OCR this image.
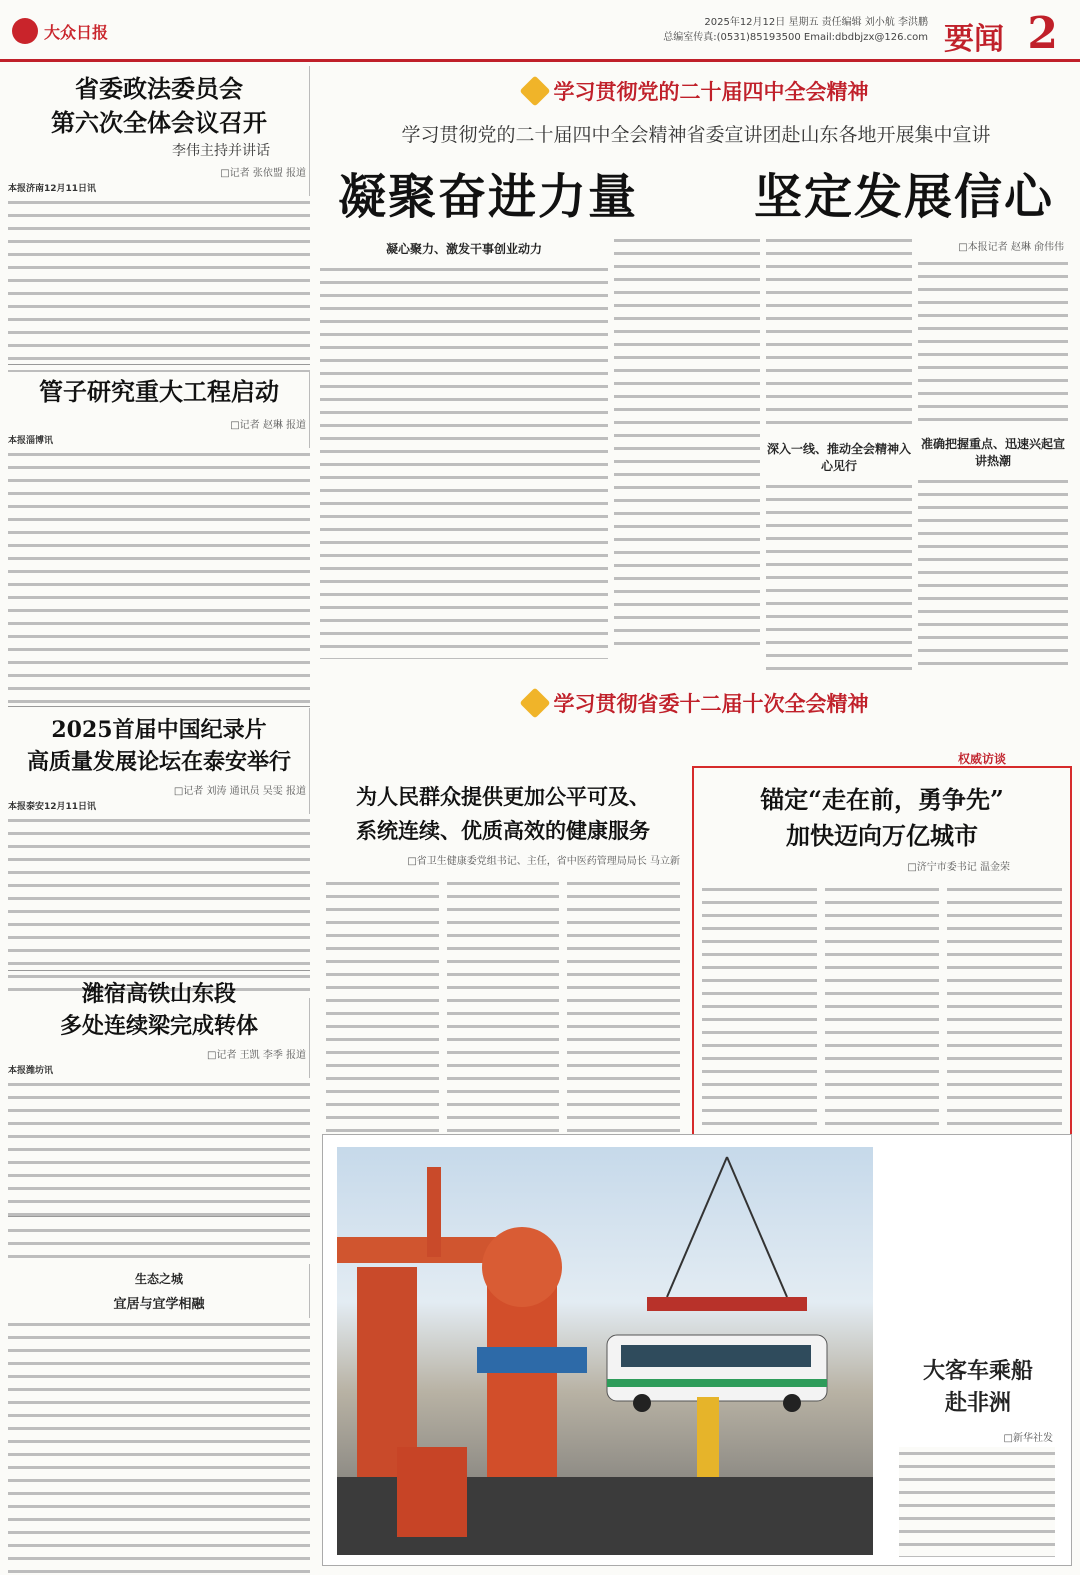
大众日报	2025年12月12日 星期五 责任编辑 刘小航 李洪鹏
总编室传真:(0531)85193500 Email:dbdbjzx@126.com 要闻 2
省委政法委员会
第六次全体会议召开
李伟主持并讲话
□记者 张依盟 报道
本报济南12月11日讯
管子研究重大工程启动
□记者 赵琳 报道
本报淄博讯
2025首届中国纪录片
高质量发展论坛在泰安举行
□记者 刘涛 通讯员 吴雯 报道
本报泰安12月11日讯
潍宿高铁山东段
多处连续梁完成转体
□记者 王凯 李季 报道
本报潍坊讯
生态之城
宜居与宜学相融
学习贯彻党的二十届四中全会精神
学习贯彻党的二十届四中全会精神省委宣讲团赴山东各地开展集中宣讲
凝聚奋进力量 坚定发展信心
□本报记者 赵琳 俞伟伟
准确把握重点、迅速兴起宣讲热潮
深入一线、推动全会精神入心见行
凝心聚力、激发干事创业动力
学习贯彻省委十二届十次全会精神
权威访谈
锚定“走在前，勇争先”
加快迈向万亿城市
□济宁市委书记 温金荣
为人民群众提供更加公平可及、
系统连续、优质高效的健康服务
□省卫生健康委党组书记、主任，省中医药管理局局长 马立新
大客车乘船
赴非洲
□新华社发
